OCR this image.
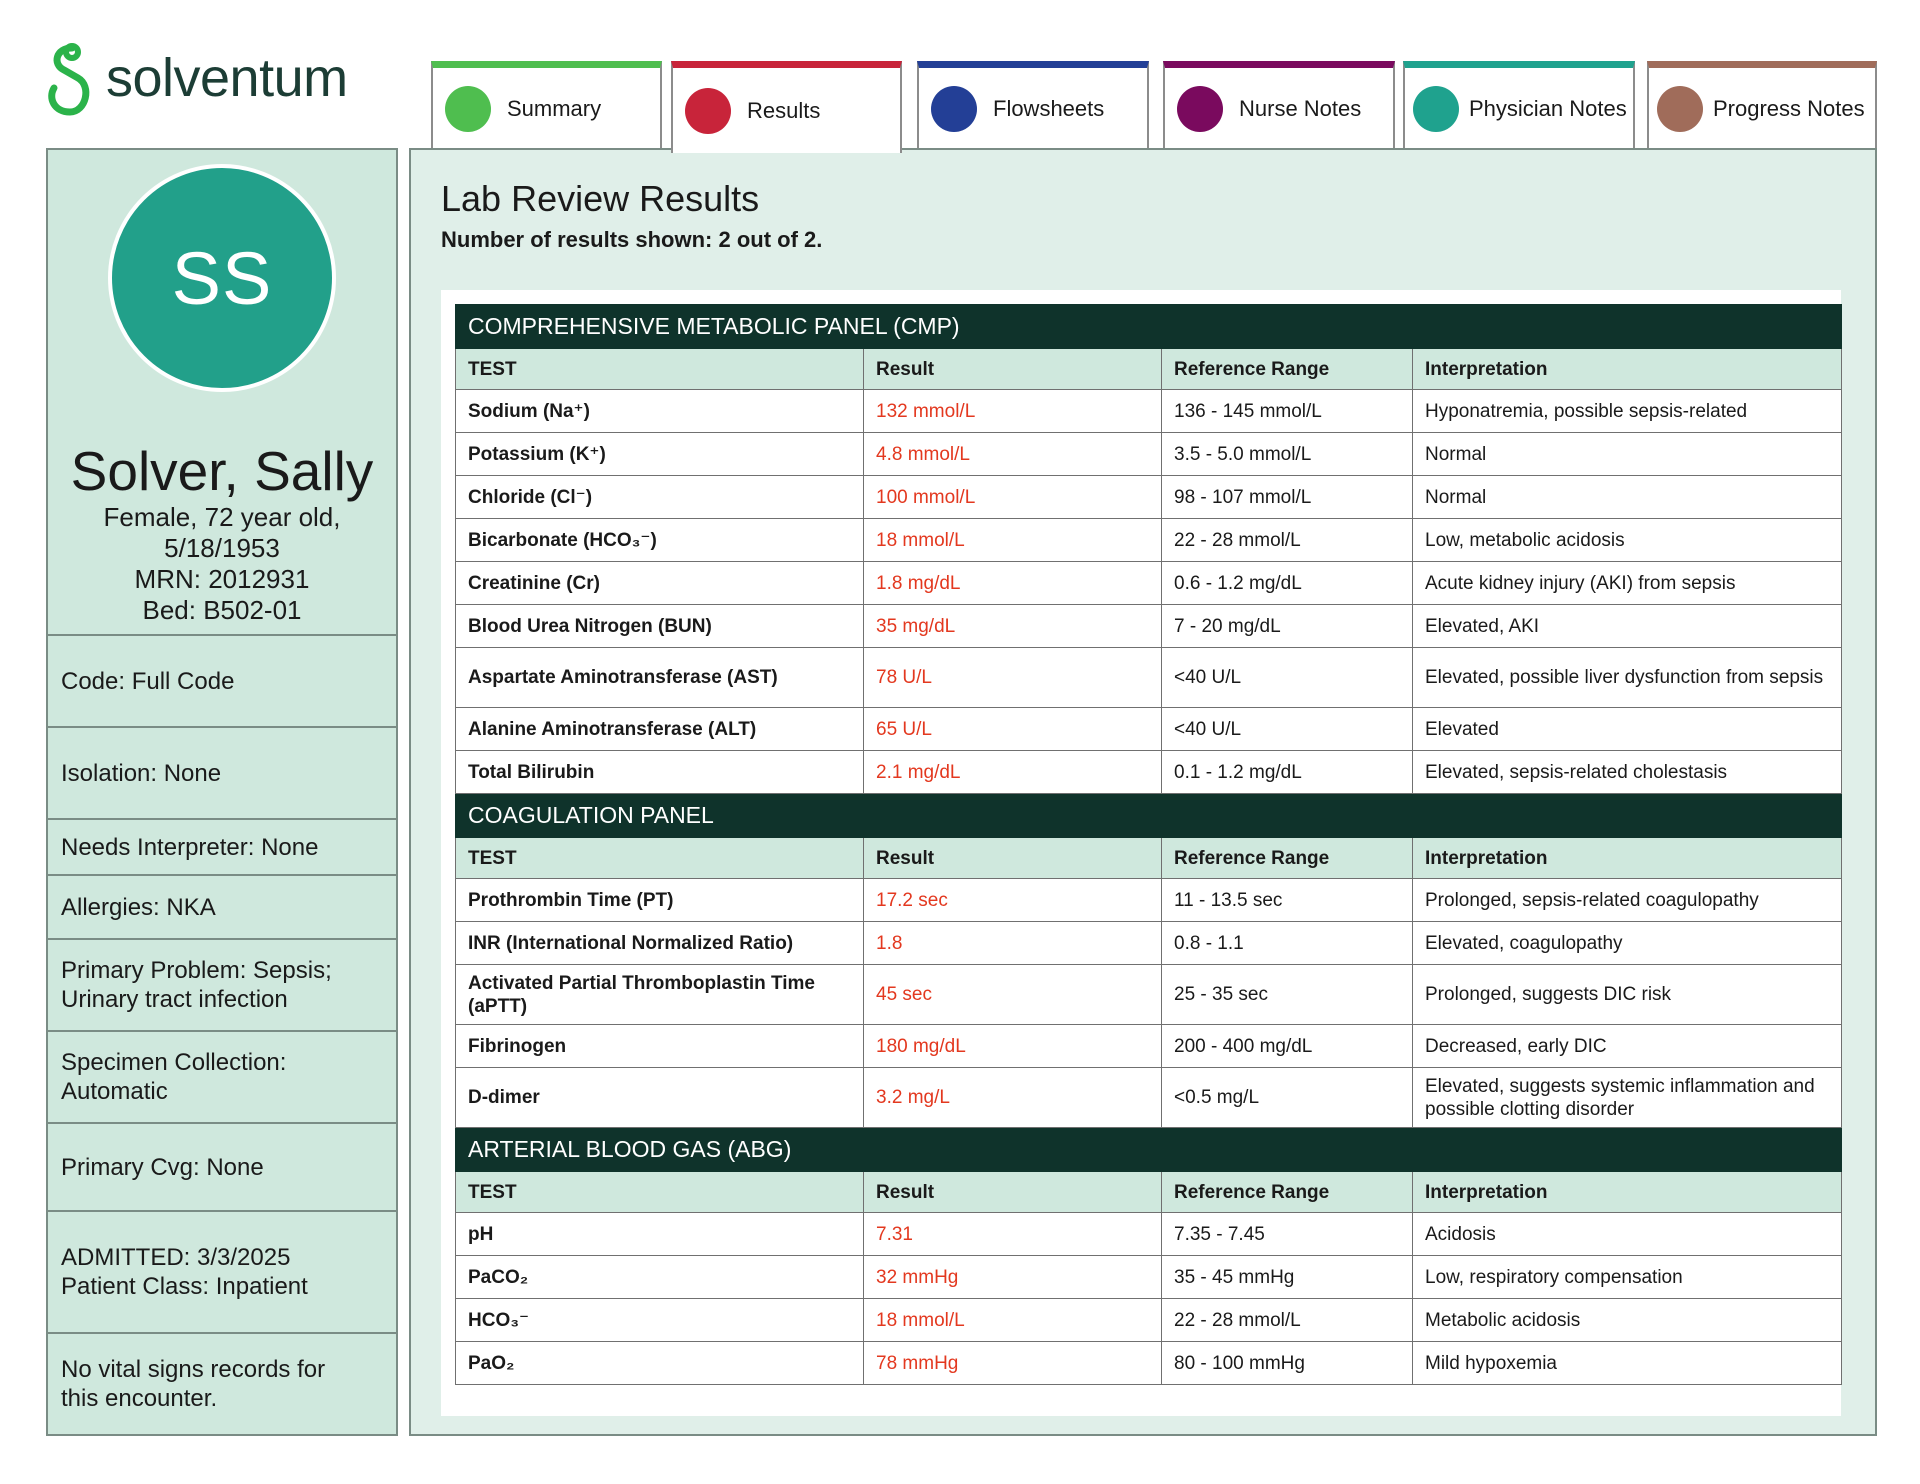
solventum	Summary	Results	Flowsheets	Nurse Notes	Physician Notes	Progress Notes
SS
Solver, Sally
Female, 72 year old,
5/18/1953
MRN: 2012931
Bed: B502-01
Code: Full Code
Isolation: None
Needs Interpreter: None
Allergies: NKA
Primary Problem: Sepsis;
Urinary tract infection
Specimen Collection:
Automatic
Primary Cvg: None
ADMITTED: 3/3/2025
Patient Class: Inpatient
No vital signs records for
this encounter.
Lab Review Results
Number of results shown: 2 out of 2.
COMPREHENSIVE METABOLIC PANEL (CMP)			
TEST	Result	Reference Range	Interpretation
Sodium (Na⁺)	132 mmol/L	136 - 145 mmol/L	Hyponatremia, possible sepsis-related
Potassium (K⁺)	4.8 mmol/L	3.5 - 5.0 mmol/L	Normal
Chloride (Cl⁻)	100 mmol/L	98 - 107 mmol/L	Normal
Bicarbonate (HCO₃⁻)	18 mmol/L	22 - 28 mmol/L	Low, metabolic acidosis
Creatinine (Cr)	1.8 mg/dL	0.6 - 1.2 mg/dL	Acute kidney injury (AKI) from sepsis
Blood Urea Nitrogen (BUN)	35 mg/dL	7 - 20 mg/dL	Elevated, AKI
Aspartate Aminotransferase (AST)	78 U/L	<40 U/L	Elevated, possible liver dysfunction from sepsis
Alanine Aminotransferase (ALT)	65 U/L	<40 U/L	Elevated
Total Bilirubin	2.1 mg/dL	0.1 - 1.2 mg/dL	Elevated, sepsis-related cholestasis
COAGULATION PANEL			
TEST	Result	Reference Range	Interpretation
Prothrombin Time (PT)	17.2 sec	11 - 13.5 sec	Prolonged, sepsis-related coagulopathy
INR (International Normalized Ratio)	1.8	0.8 - 1.1	Elevated, coagulopathy
Activated Partial Thromboplastin Time (aPTT)	45 sec	25 - 35 sec	Prolonged, suggests DIC risk
Fibrinogen	180 mg/dL	200 - 400 mg/dL	Decreased, early DIC
D-dimer	3.2 mg/L	<0.5 mg/L	Elevated, suggests systemic inflammation and possible clotting disorder
ARTERIAL BLOOD GAS (ABG)			
TEST	Result	Reference Range	Interpretation
pH	7.31	7.35 - 7.45	Acidosis
PaCO₂	32 mmHg	35 - 45 mmHg	Low, respiratory compensation
HCO₃⁻	18 mmol/L	22 - 28 mmol/L	Metabolic acidosis
PaO₂	78 mmHg	80 - 100 mmHg	Mild hypoxemia
